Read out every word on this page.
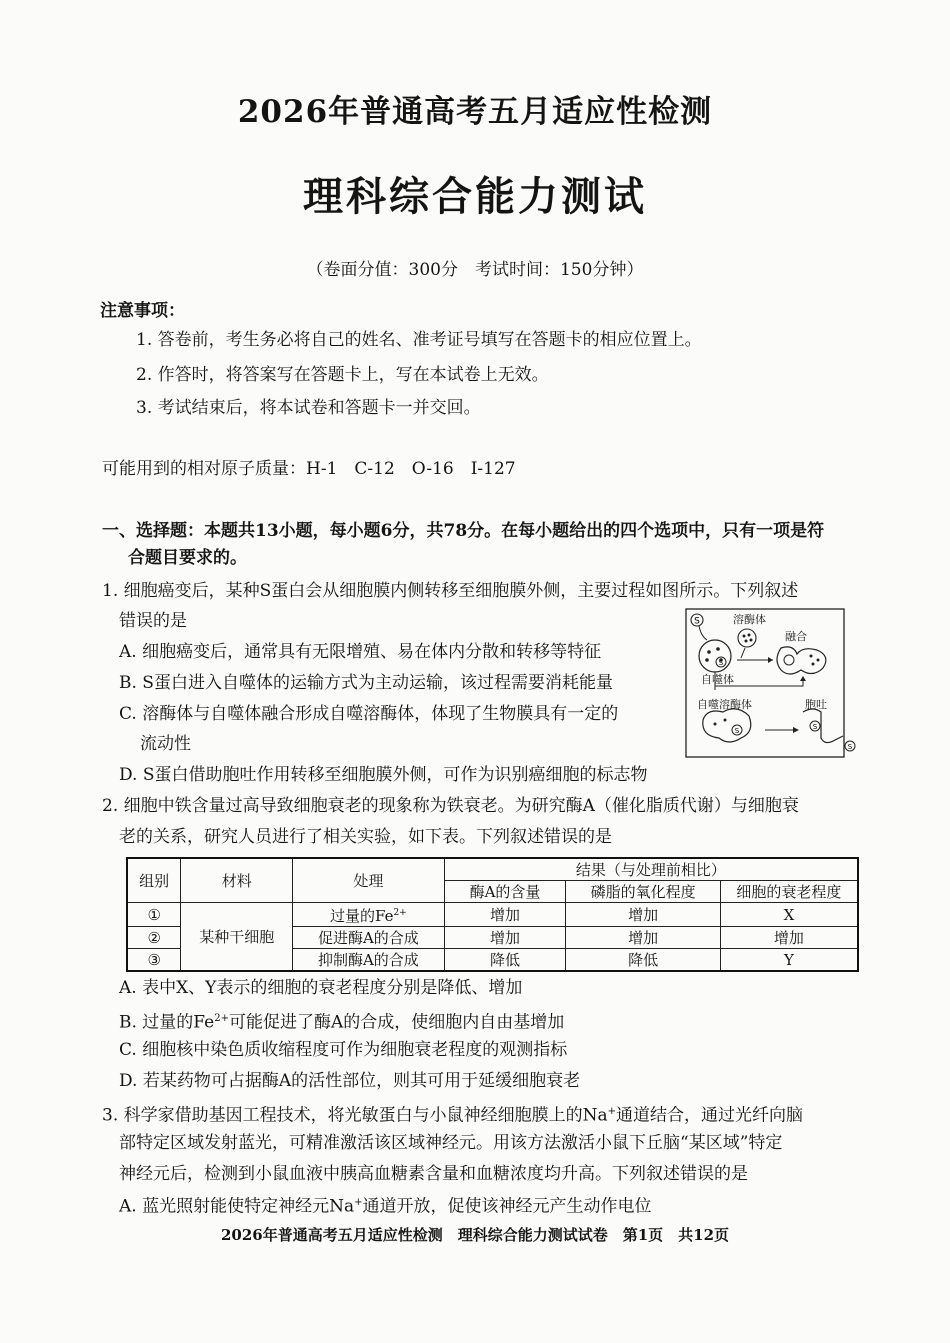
2026年普通高考五月适应性检测
理科综合能力测试
（卷面分值：300分　考试时间：150分钟）
注意事项：
1. 答卷前，考生务必将自己的姓名、准考证号填写在答题卡的相应位置上。
2. 作答时，将答案写在答题卡上，写在本试卷上无效。
3. 考试结束后，将本试卷和答题卡一并交回。
可能用到的相对原子质量：H-1　C-12　O-16　I-127
一、选择题：本题共13小题，每小题6分，共78分。在每小题给出的四个选项中，只有一项是符
合题目要求的。
1. 细胞癌变后，某种S蛋白会从细胞膜内侧转移至细胞膜外侧，主要过程如图所示。下列叙述
错误的是
A. 细胞癌变后，通常具有无限增殖、易在体内分散和转移等特征
B. S蛋白进入自噬体的运输方式为主动运输，该过程需要消耗能量
C. 溶酶体与自噬体融合形成自噬溶酶体，体现了生物膜具有一定的
流动性
D. S蛋白借助胞吐作用转移至细胞膜外侧，可作为识别癌细胞的标志物
S
S
S	S
S
溶酶体
融合
自噬体
自噬溶酶体	胞吐
2. 细胞中铁含量过高导致细胞衰老的现象称为铁衰老。为研究酶A（催化脂质代谢）与细胞衰
老的关系，研究人员进行了相关实验，如下表。下列叙述错误的是
组别	材料	处理	结果（与处理前相比）		
			酶A的含量	磷脂的氧化程度	细胞的衰老程度
①	某种干细胞	过量的$Fe^{2+}$	增加	增加	X
②		促进酶A的合成	增加	增加	增加
③		抑制酶A的合成	降低	降低	Y
A. 表中X、Y表示的细胞的衰老程度分别是降低、增加
B. 过量的$Fe^{2+}$可能促进了酶A的合成，使细胞内自由基增加
C. 细胞核中染色质收缩程度可作为细胞衰老程度的观测指标
D. 若某药物可占据酶A的活性部位，则其可用于延缓细胞衰老
3. 科学家借助基因工程技术，将光敏蛋白与小鼠神经细胞膜上的Na+通道结合，通过光纤向脑
部特定区域发射蓝光，可精准激活该区域神经元。用该方法激活小鼠下丘脑“某区域”特定
神经元后，检测到小鼠血液中胰高血糖素含量和血糖浓度均升高。下列叙述错误的是
A. 蓝光照射能使特定神经元Na+通道开放，促使该神经元产生动作电位
2026年普通高考五月适应性检测　理科综合能力测试试卷　第1页　共12页
